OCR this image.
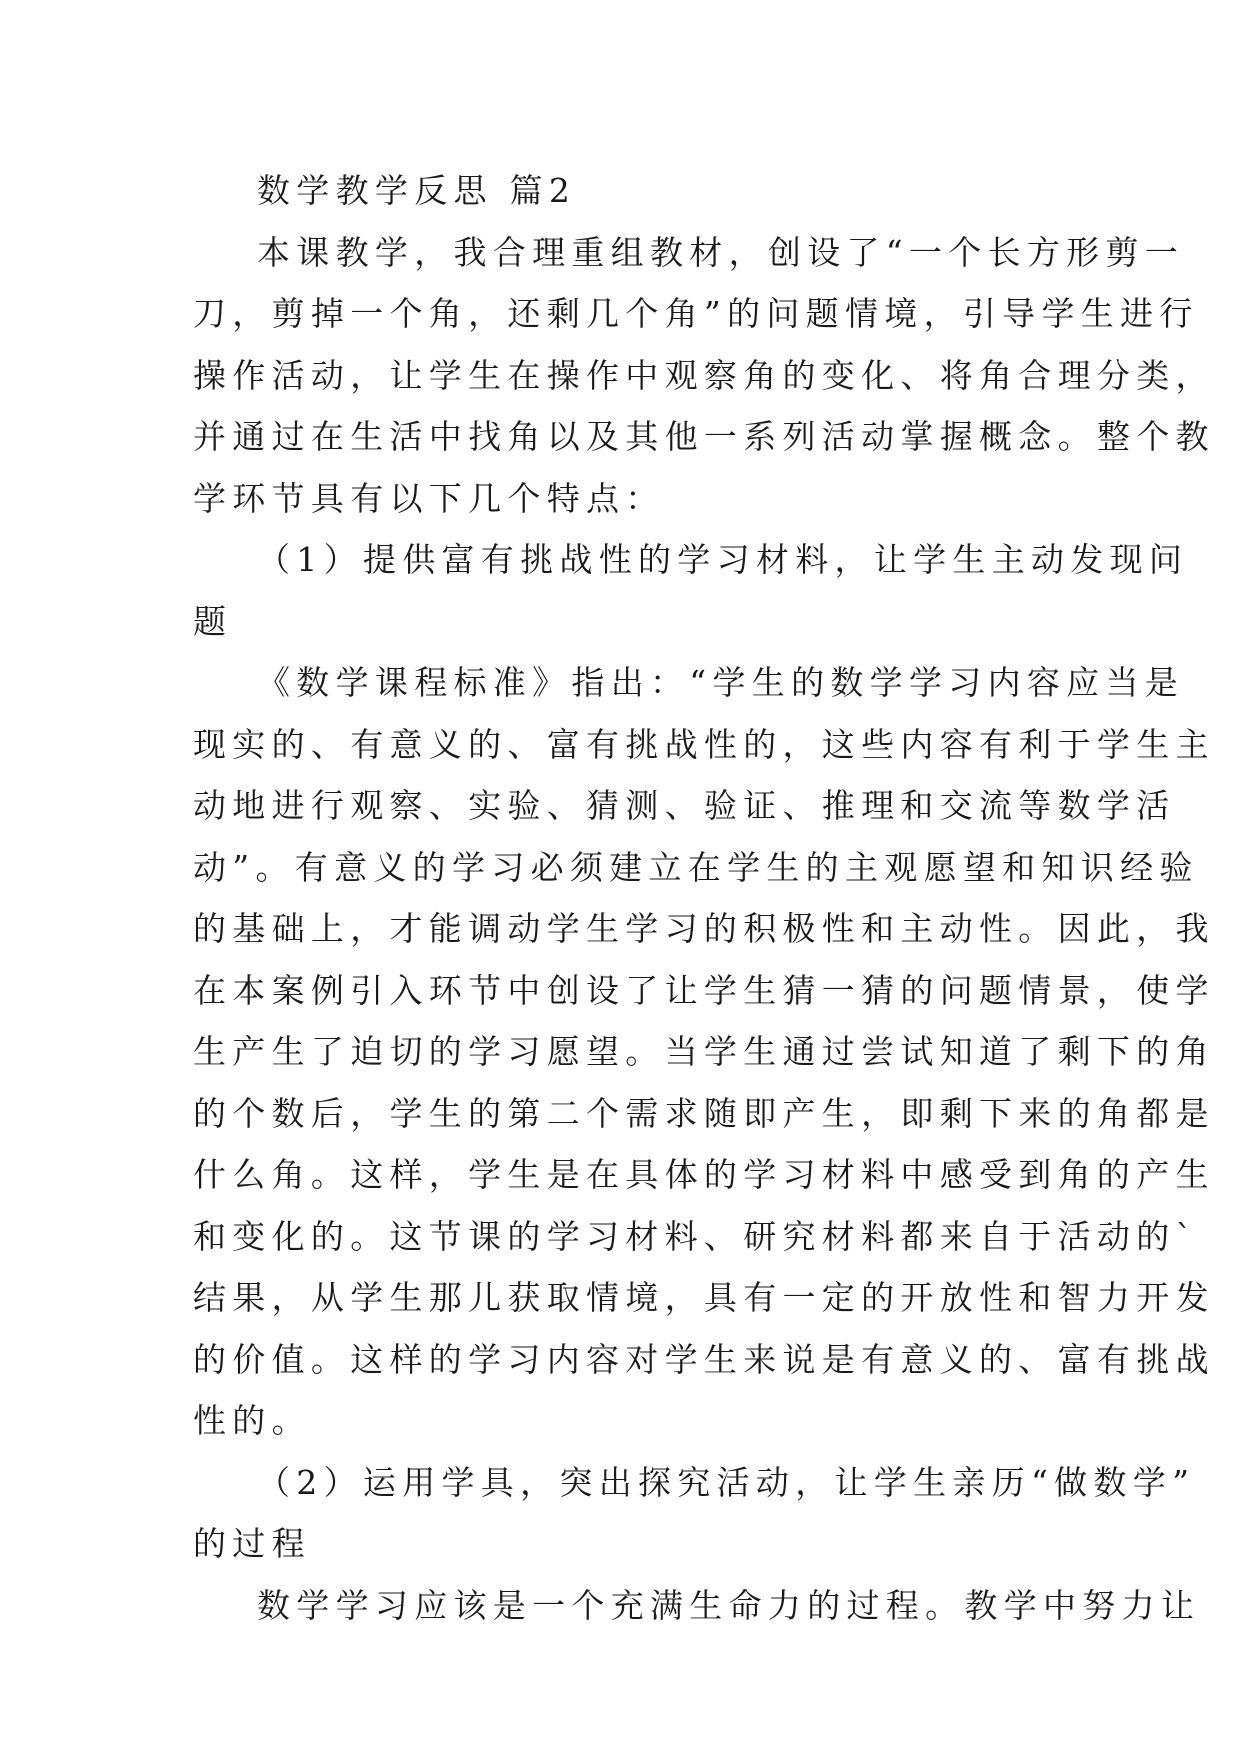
数学教学反思 篇2
本课教学，我合理重组教材，创设了“一个长方形剪一
刀，剪掉一个角，还剩几个角”的问题情境，引导学生进行
操作活动，让学生在操作中观察角的变化、将角合理分类，
并通过在生活中找角以及其他一系列活动掌握概念。整个教
学环节具有以下几个特点：
（1）提供富有挑战性的学习材料，让学生主动发现问
题
《数学课程标准》指出：“学生的数学学习内容应当是
现实的、有意义的、富有挑战性的，这些内容有利于学生主
动地进行观察、实验、猜测、验证、推理和交流等数学活
动”。有意义的学习必须建立在学生的主观愿望和知识经验
的基础上，才能调动学生学习的积极性和主动性。因此，我
在本案例引入环节中创设了让学生猜一猜的问题情景，使学
生产生了迫切的学习愿望。当学生通过尝试知道了剩下的角
的个数后，学生的第二个需求随即产生，即剩下来的角都是
什么角。这样，学生是在具体的学习材料中感受到角的产生
和变化的。这节课的学习材料、研究材料都来自于活动的`
结果，从学生那儿获取情境，具有一定的开放性和智力开发
的价值。这样的学习内容对学生来说是有意义的、富有挑战
性的。
（2）运用学具，突出探究活动，让学生亲历“做数学”
的过程
数学学习应该是一个充满生命力的过程。教学中努力让
